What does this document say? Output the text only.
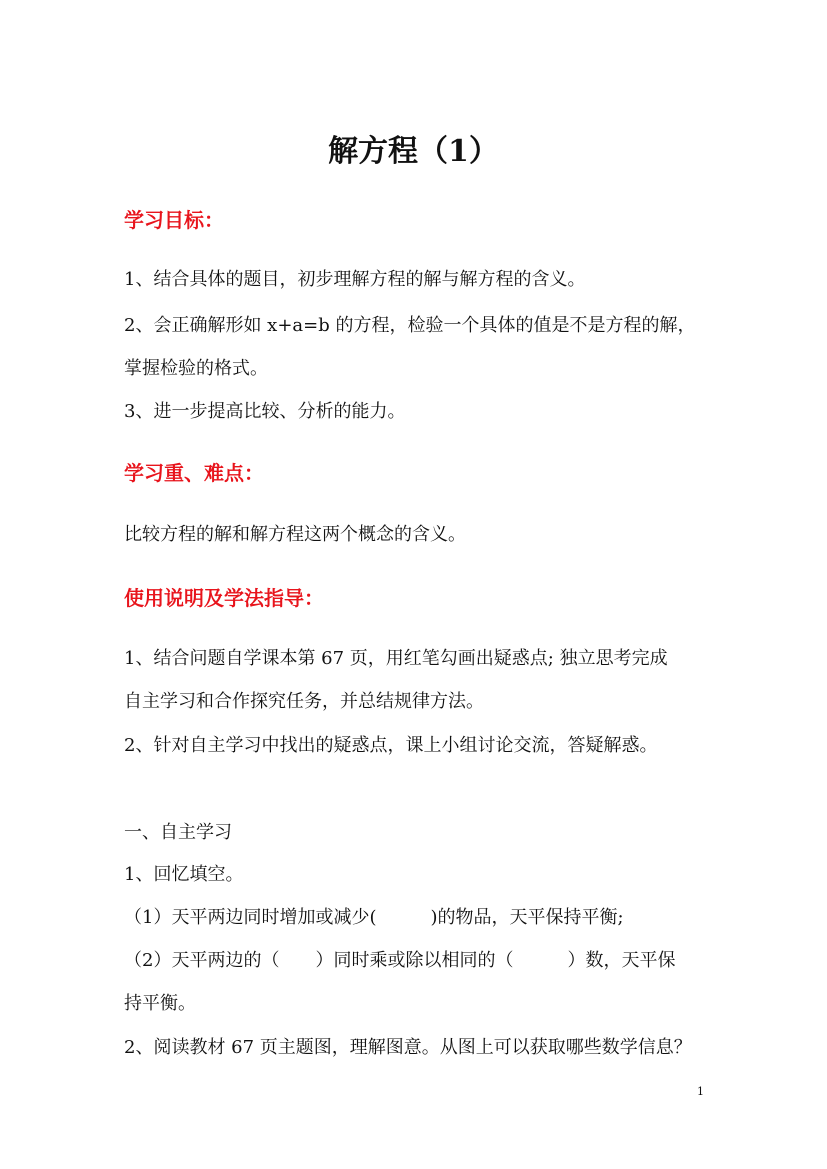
解方程（1）
学习目标：
1、结合具体的题目，初步理解方程的解与解方程的含义。
2、会正确解形如 x+a=b 的方程，检验一个具体的值是不是方程的解，
掌握检验的格式。
3、进一步提高比较、分析的能力。
学习重、难点：
比较方程的解和解方程这两个概念的含义。
使用说明及学法指导：
1、结合问题自学课本第 67 页，用红笔勾画出疑惑点; 独立思考完成
自主学习和合作探究任务，并总结规律方法。
2、针对自主学习中找出的疑惑点，课上小组讨论交流，答疑解惑。
一、自主学习
1、回忆填空。
（1）天平两边同时增加或减少(　　　)的物品，天平保持平衡;
（2）天平两边的（　　）同时乘或除以相同的（　　　）数，天平保
持平衡。
2、阅读教材 67 页主题图，理解图意。从图上可以获取哪些数学信息？
1
